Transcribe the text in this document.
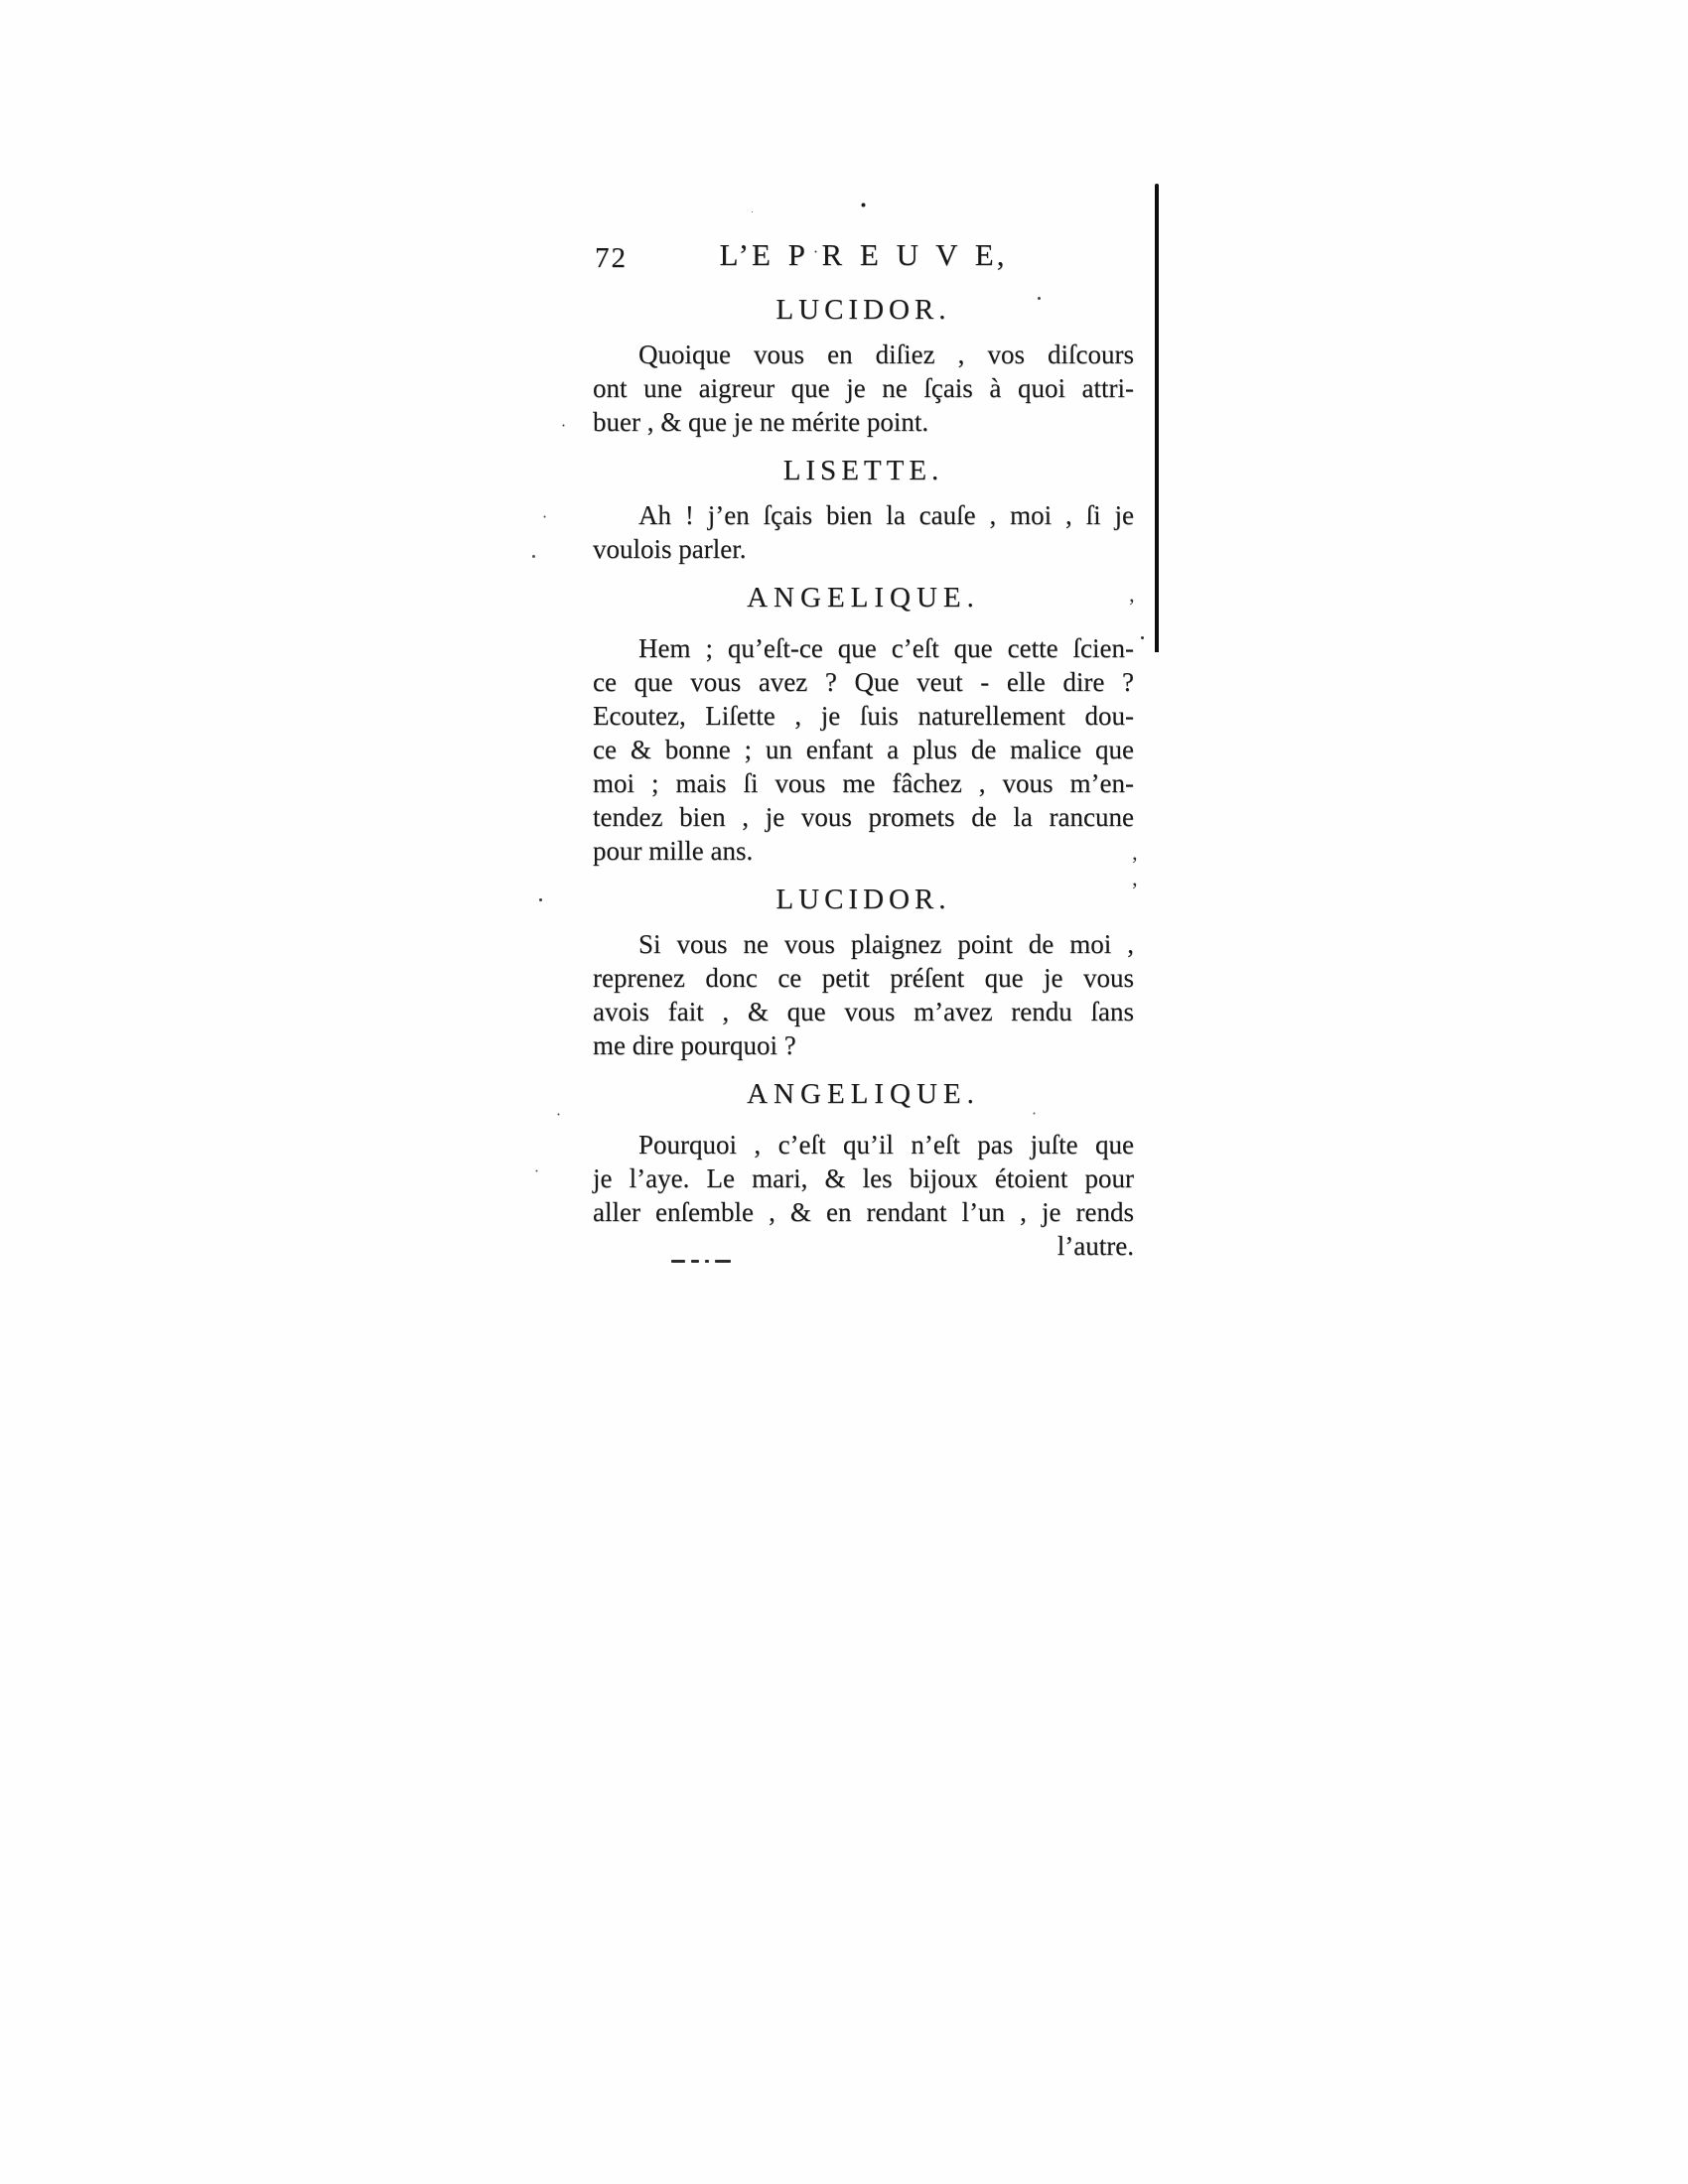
’
’
’
72	L’E P R E U V E,
LUCIDOR.
Quoique vous en diſiez , vos diſcours
ont une aigreur que je ne ſçais à quoi attri-
buer , & que je ne mérite point.
LISETTE.
Ah ! j’en ſçais bien la cauſe , moi , ſi je
voulois parler.
ANGELIQUE.
Hem ; qu’eſt-ce que c’eſt que cette ſcien-
ce que vous avez ? Que veut - elle dire ?
Ecoutez, Liſette , je ſuis naturellement dou-
ce & bonne ; un enfant a plus de malice que
moi ; mais ſi vous me fâchez , vous m’en-
tendez bien , je vous promets de la rancune
pour mille ans.
LUCIDOR.
Si vous ne vous plaignez point de moi ,
reprenez donc ce petit préſent que je vous
avois fait , & que vous m’avez rendu ſans
me dire pourquoi ?
ANGELIQUE.
Pourquoi , c’eſt qu’il n’eſt pas juſte que
je l’aye. Le mari, & les bijoux étoient pour
aller enſemble , & en rendant l’un , je rends
l’autre.
